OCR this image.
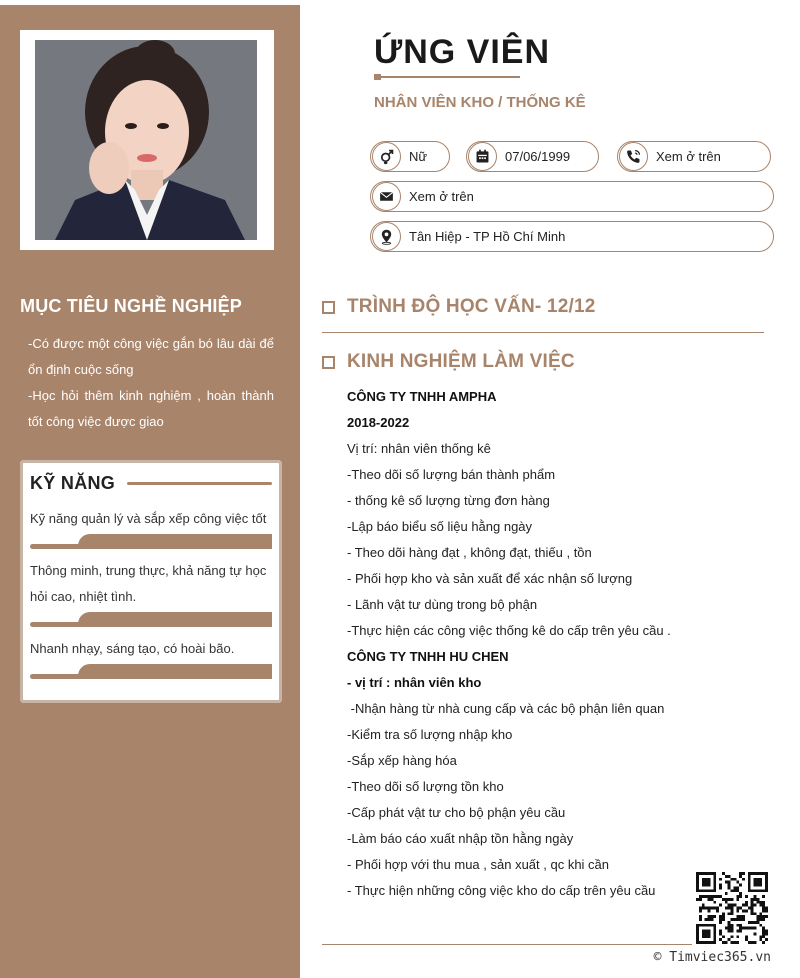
MỤC TIÊU NGHỀ NGHIỆP

-Có được một công việc gắn bó lâu dài để ổn định cuộc sống

-Học hỏi thêm kinh nghiệm , hoàn thành tốt công việc được giao

KỸ NĂNG
Kỹ năng quản lý và sắp xếp công việc tốt
Thông minh, trung thực, khả năng tự học hỏi cao, nhiệt tình.
Nhanh nhạy, sáng tạo, có hoài bão.
ỨNG VIÊN
NHÂN VIÊN KHO / THỐNG KÊ
Nữ	07/06/1999	Xem ở trên
Xem ở trên
Tân Hiệp - TP Hồ Chí Minh
TRÌNH ĐỘ HỌC VẤN- 12/12
KINH NGHIỆM LÀM VIỆC
CÔNG TY TNHH AMPHA
2018-2022
Vị trí: nhân viên thống kê
-Theo dõi số lượng bán thành phẩm
- thống kê số lượng từng đơn hàng
-Lập báo biểu số liệu hằng ngày
- Theo dõi hàng đạt , không đạt, thiếu , tồn
- Phối hợp kho và sản xuất để xác nhận số lượng
- Lãnh vật tư dùng trong bộ phận
-Thực hiện các công việc thống kê do cấp trên yêu cầu .
CÔNG TY TNHH HU CHEN
- vị trí : nhân viên kho
-Nhận hàng từ nhà cung cấp và các bộ phận liên quan
-Kiểm tra số lượng nhập kho
-Sắp xếp hàng hóa
-Theo dõi số lượng tồn kho
-Cấp phát vật tư cho bộ phận yêu cầu
-Làm báo cáo xuất nhập tồn hằng ngày
- Phối hợp với thu mua , sản xuất , qc khi cần
- Thực hiện những công việc kho do cấp trên yêu cầu
© Timviec365.vn
